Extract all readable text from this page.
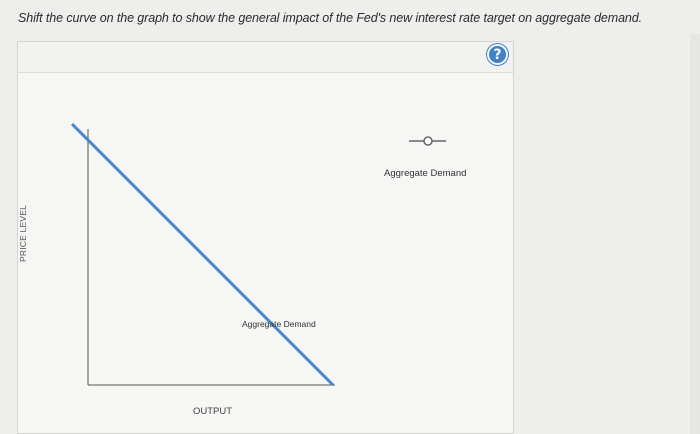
Shift the curve on the graph to show the general impact of the Fed's new interest rate target on aggregate demand.
?
PRICE LEVEL
OUTPUT
Aggregate Demand
Aggregate Demand
